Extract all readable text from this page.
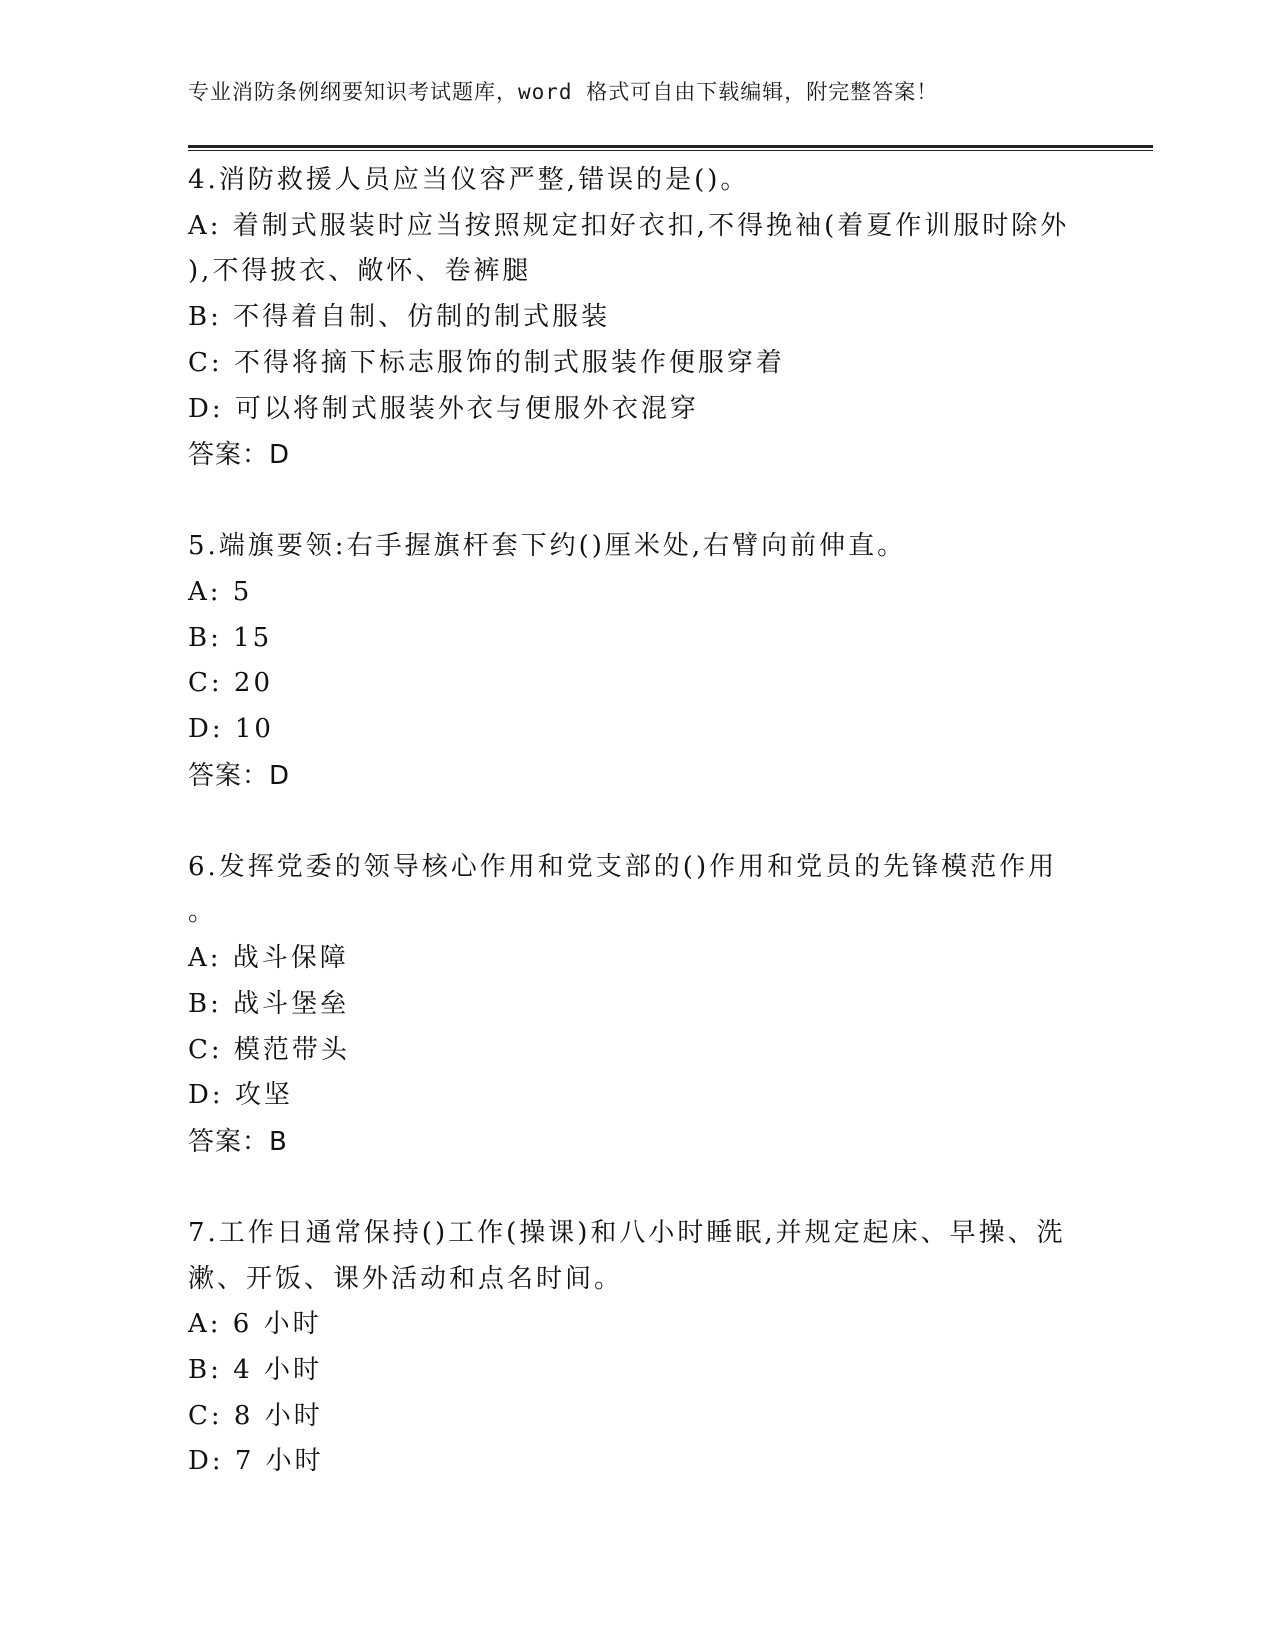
专业消防条例纲要知识考试题库，word 格式可自由下载编辑，附完整答案！

4.消防救援人员应当仪容严整,错误的是()。

A: 着制式服装时应当按照规定扣好衣扣,不得挽袖(着夏作训服时除外

),不得披衣、敞怀、卷裤腿

B: 不得着自制、仿制的制式服装

C: 不得将摘下标志服饰的制式服装作便服穿着

D: 可以将制式服装外衣与便服外衣混穿

答案：D

5.端旗要领:右手握旗杆套下约()厘米处,右臂向前伸直。

A: 5

B: 15

C: 20

D: 10

答案：D

6.发挥党委的领导核心作用和党支部的()作用和党员的先锋模范作用

。

A: 战斗保障

B: 战斗堡垒

C: 模范带头

D: 攻坚

答案：B

7.工作日通常保持()工作(操课)和八小时睡眠,并规定起床、早操、洗

漱、开饭、课外活动和点名时间。

A: 6 小时

B: 4 小时

C: 8 小时

D: 7 小时
